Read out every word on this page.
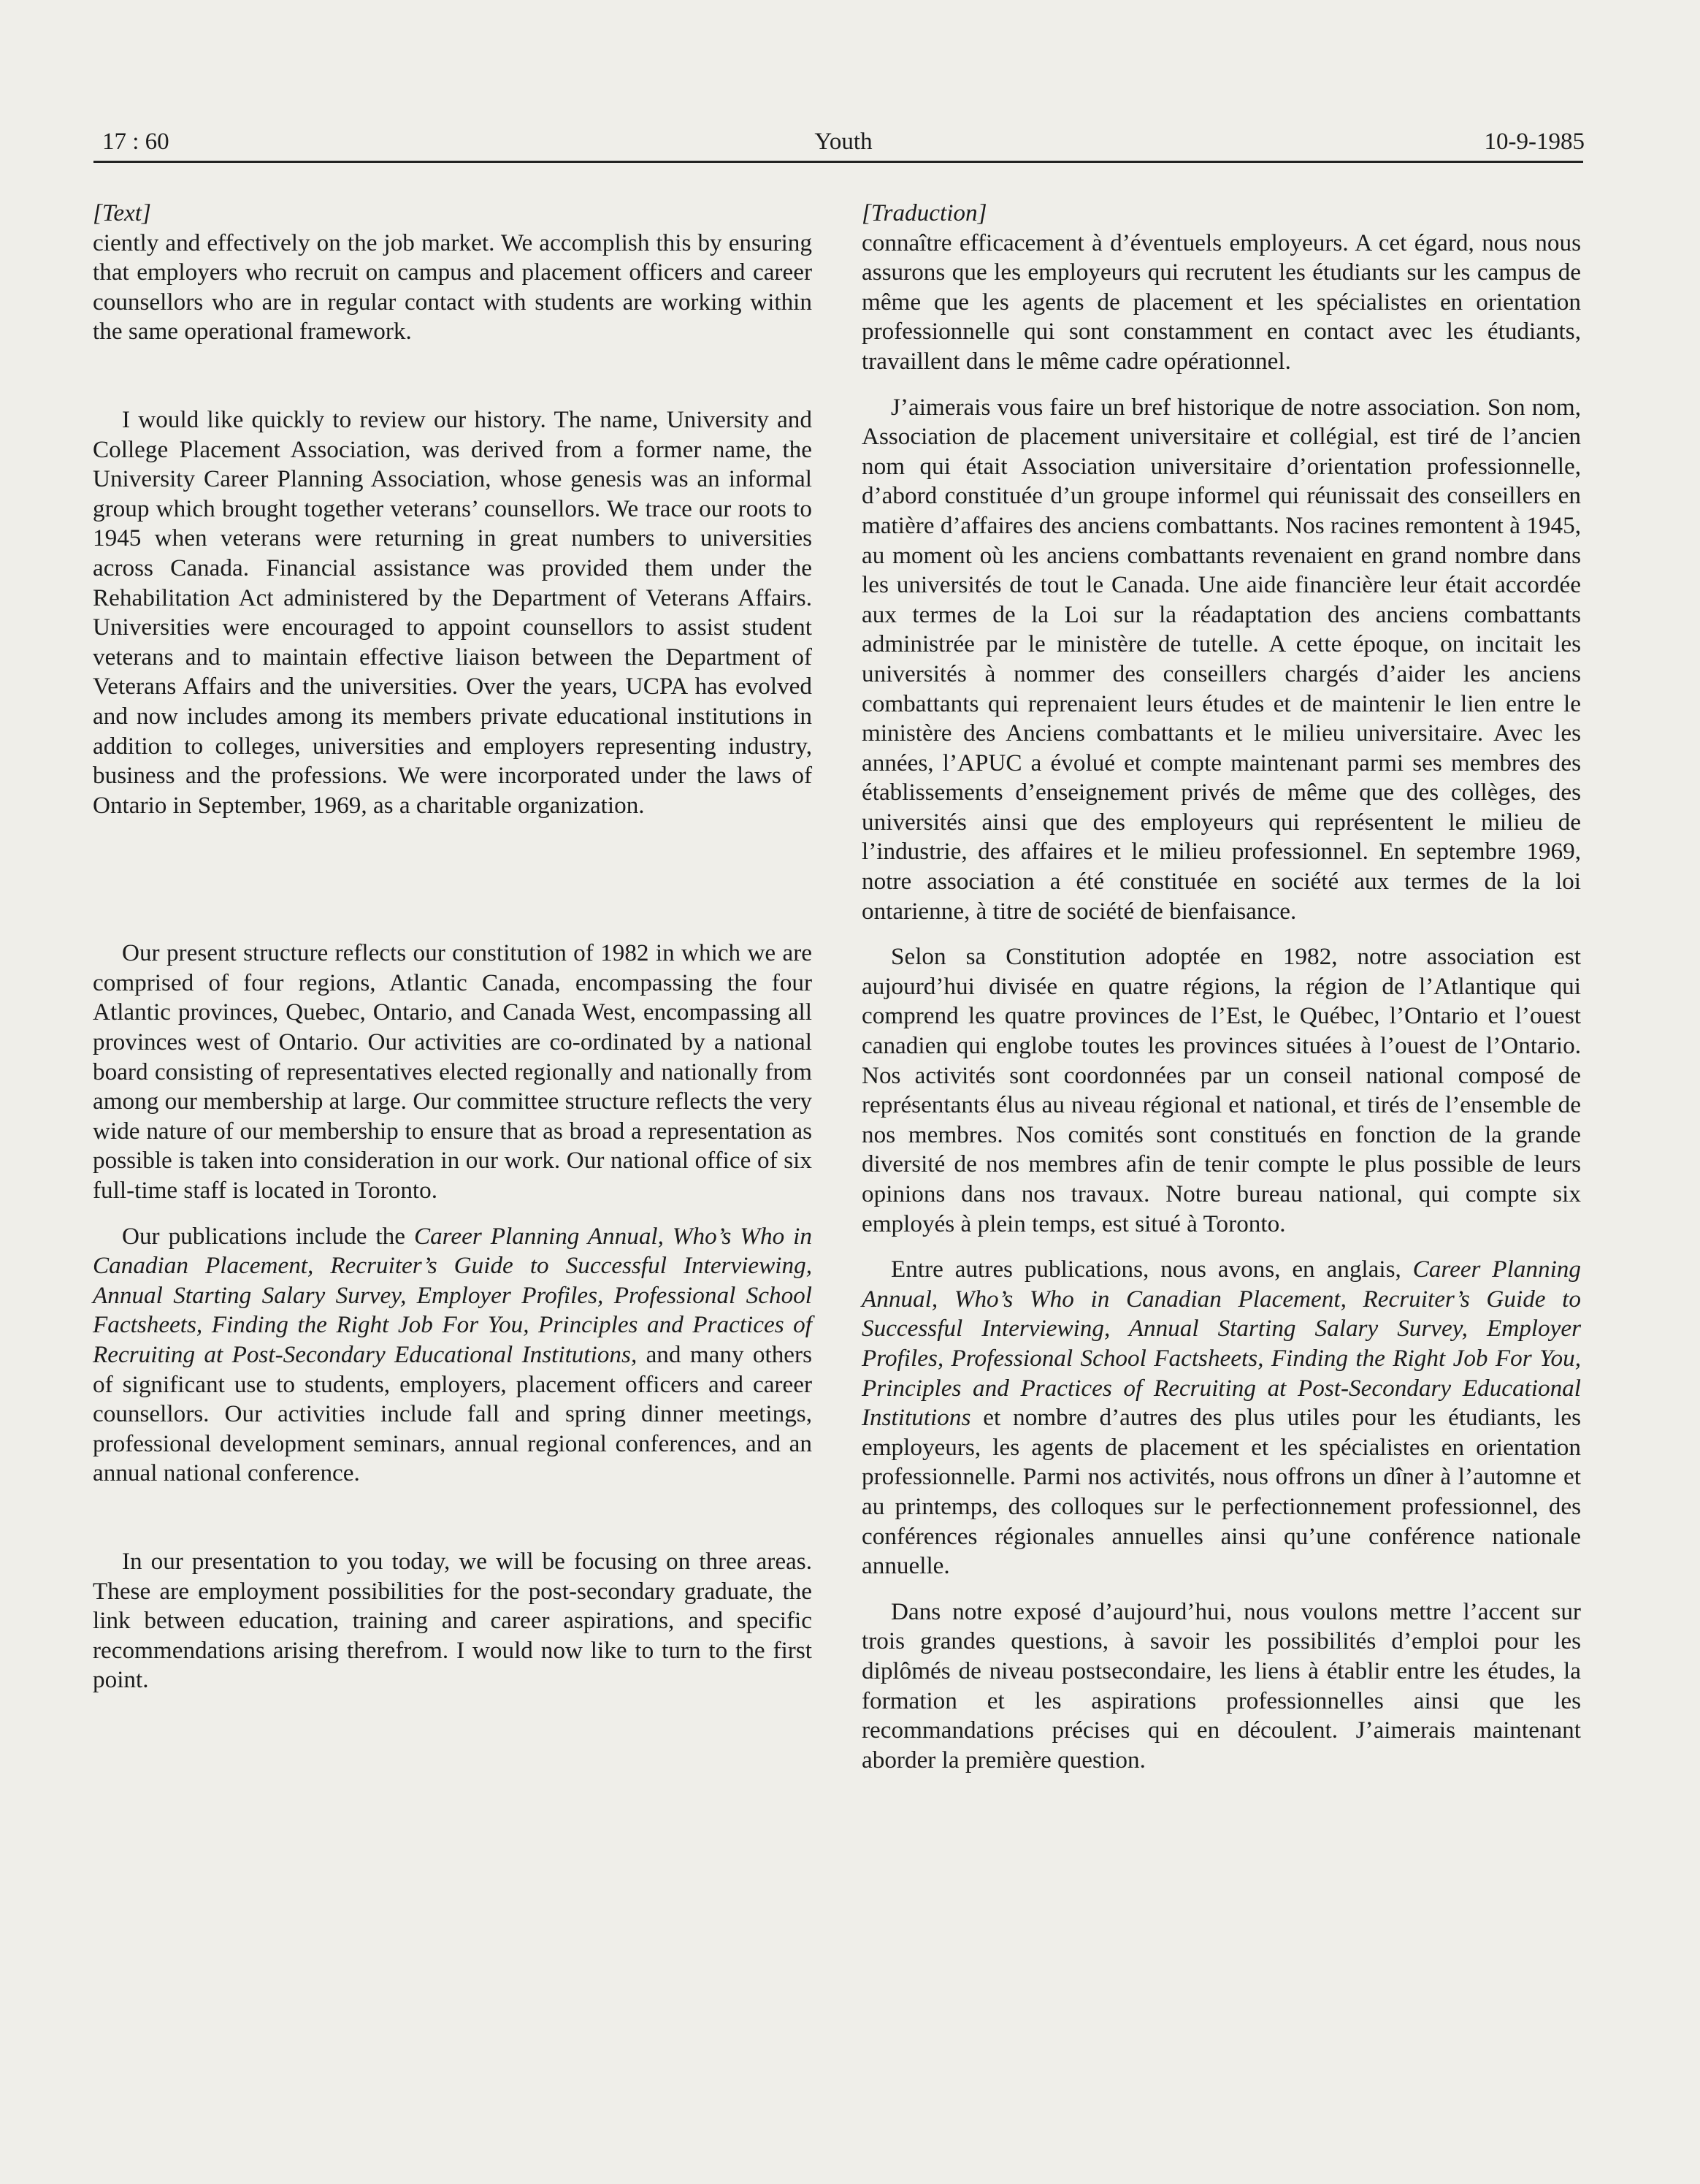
17 : 60	Youth	10-9-1985

[Text]

ciently and effectively on the job market. We accomplish this by ensuring that employers who recruit on campus and placement officers and career counsellors who are in regular contact with students are working within the same operational framework.

I would like quickly to review our history. The name, University and College Placement Association, was derived from a former name, the University Career Planning Association, whose genesis was an informal group which brought together veterans’ counsellors. We trace our roots to 1945 when veterans were returning in great numbers to universities across Canada. Financial assistance was provided them under the Rehabilitation Act administered by the Department of Veterans Affairs. Universities were encouraged to appoint counsellors to assist student veterans and to maintain effective liaison between the Department of Veterans Affairs and the universities. Over the years, UCPA has evolved and now includes among its members private educational institutions in addition to colleges, universities and employers representing industry, business and the professions. We were incorporated under the laws of Ontario in September, 1969, as a charitable organization.

Our present structure reflects our constitution of 1982 in which we are comprised of four regions, Atlantic Canada, encompassing the four Atlantic provinces, Quebec, Ontario, and Canada West, encompassing all provinces west of Ontario. Our activities are co-ordinated by a national board consisting of representatives elected regionally and nationally from among our membership at large. Our committee structure reflects the very wide nature of our membership to ensure that as broad a representation as possible is taken into consideration in our work. Our national office of six full-time staff is located in Toronto.

Our publications include the Career Planning Annual, Who’s Who in Canadian Placement, Recruiter’s Guide to Successful Interviewing, Annual Starting Salary Survey, Employer Profiles, Professional School Factsheets, Finding the Right Job For You, Principles and Practices of Recruiting at Post-Secondary Educational Institutions, and many others of significant use to students, employers, placement officers and career counsellors. Our activities include fall and spring dinner meetings, professional development seminars, annual regional conferences, and an annual national conference.

In our presentation to you today, we will be focusing on three areas. These are employment possibilities for the post-secondary graduate, the link between education, training and career aspirations, and specific recommendations arising therefrom. I would now like to turn to the first point.

[Traduction]

connaître efficacement à d’éventuels employeurs. A cet égard, nous nous assurons que les employeurs qui recrutent les étudiants sur les campus de même que les agents de placement et les spécialistes en orientation professionnelle qui sont constamment en contact avec les étudiants, travaillent dans le même cadre opérationnel.

J’aimerais vous faire un bref historique de notre association. Son nom, Association de placement universitaire et collégial, est tiré de l’ancien nom qui était Association universitaire d’orientation professionnelle, d’abord constituée d’un groupe informel qui réunissait des conseillers en matière d’affaires des anciens combattants. Nos racines remontent à 1945, au moment où les anciens combattants revenaient en grand nombre dans les universités de tout le Canada. Une aide financière leur était accordée aux termes de la Loi sur la réadaptation des anciens combattants administrée par le ministère de tutelle. A cette époque, on incitait les universités à nommer des conseillers chargés d’aider les anciens combattants qui reprenaient leurs études et de maintenir le lien entre le ministère des Anciens combattants et le milieu universitaire. Avec les années, l’APUC a évolué et compte maintenant parmi ses membres des établissements d’enseignement privés de même que des collèges, des universités ainsi que des employeurs qui représentent le milieu de l’industrie, des affaires et le milieu professionnel. En septembre 1969, notre association a été constituée en société aux termes de la loi ontarienne, à titre de société de bienfaisance.

Selon sa Constitution adoptée en 1982, notre association est aujourd’hui divisée en quatre régions, la région de l’Atlantique qui comprend les quatre provinces de l’Est, le Québec, l’Ontario et l’ouest canadien qui englobe toutes les provinces situées à l’ouest de l’Ontario. Nos activités sont coordonnées par un conseil national composé de représentants élus au niveau régional et national, et tirés de l’ensemble de nos membres. Nos comités sont constitués en fonction de la grande diversité de nos membres afin de tenir compte le plus possible de leurs opinions dans nos travaux. Notre bureau national, qui compte six employés à plein temps, est situé à Toronto.

Entre autres publications, nous avons, en anglais, Career Planning Annual, Who’s Who in Canadian Placement, Recruiter’s Guide to Successful Interviewing, Annual Starting Salary Survey, Employer Profiles, Professional School Factsheets, Finding the Right Job For You, Principles and Practices of Recruiting at Post-Secondary Educational Institutions et nombre d’autres des plus utiles pour les étudiants, les employeurs, les agents de placement et les spécialistes en orientation professionnelle. Parmi nos activités, nous offrons un dîner à l’automne et au printemps, des colloques sur le perfectionnement professionnel, des conférences régionales annuelles ainsi qu’une conférence nationale annuelle.

Dans notre exposé d’aujourd’hui, nous voulons mettre l’accent sur trois grandes questions, à savoir les possibilités d’emploi pour les diplômés de niveau postsecondaire, les liens à établir entre les études, la formation et les aspirations professionnelles ainsi que les recommandations précises qui en découlent. J’aimerais maintenant aborder la première question.
